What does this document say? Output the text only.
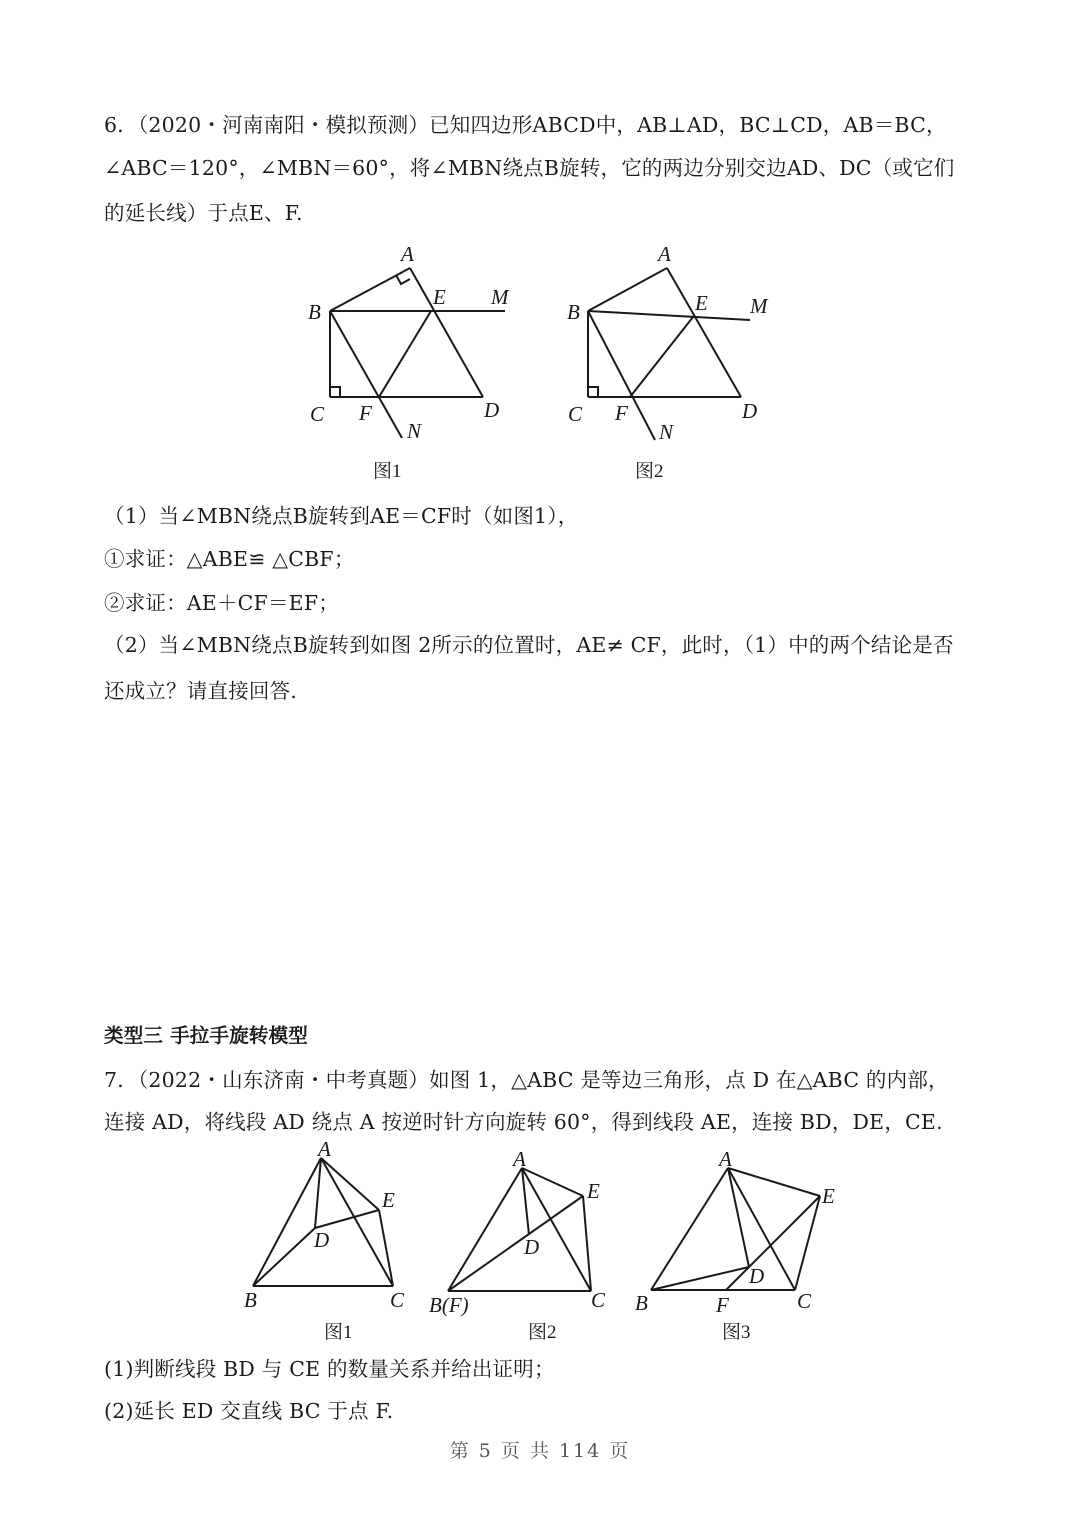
6．（2020・河南南阳・模拟预测）已知四边形ABCD中，AB⊥AD，BC⊥CD，AB＝BC，
∠ABC＝120°，∠MBN＝60°，将∠MBN绕点B旋转，它的两边分别交边AD、DC（或它们
的延长线）于点E、F.
A
B
E M
C F	D
N
图1
A
B	E M
C F	D
N
图2
（1）当∠MBN绕点B旋转到AE＝CF时（如图1），
①求证：△ABE≌ △CBF；
②求证：AE＋CF＝EF；
（2）当∠MBN绕点B旋转到如图 2所示的位置时，AE≠ CF，此时，（1）中的两个结论是否
还成立？请直接回答.
类型三 手拉手旋转模型
7．（2022・山东济南・中考真题）如图 1，△ABC 是等边三角形，点 D 在△ABC 的内部，
连接 AD，将线段 AD 绕点 A 按逆时针方向旋转 60°，得到线段 AE，连接 BD，DE，CE.
A
E
D
B	C
图1
A
E
D
B(F)	C
图2
A
E
D
B	F	C
图3
(1)判断线段 BD 与 CE 的数量关系并给出证明；
(2)延长 ED 交直线 BC 于点 F.
第 5 页 共 114 页
